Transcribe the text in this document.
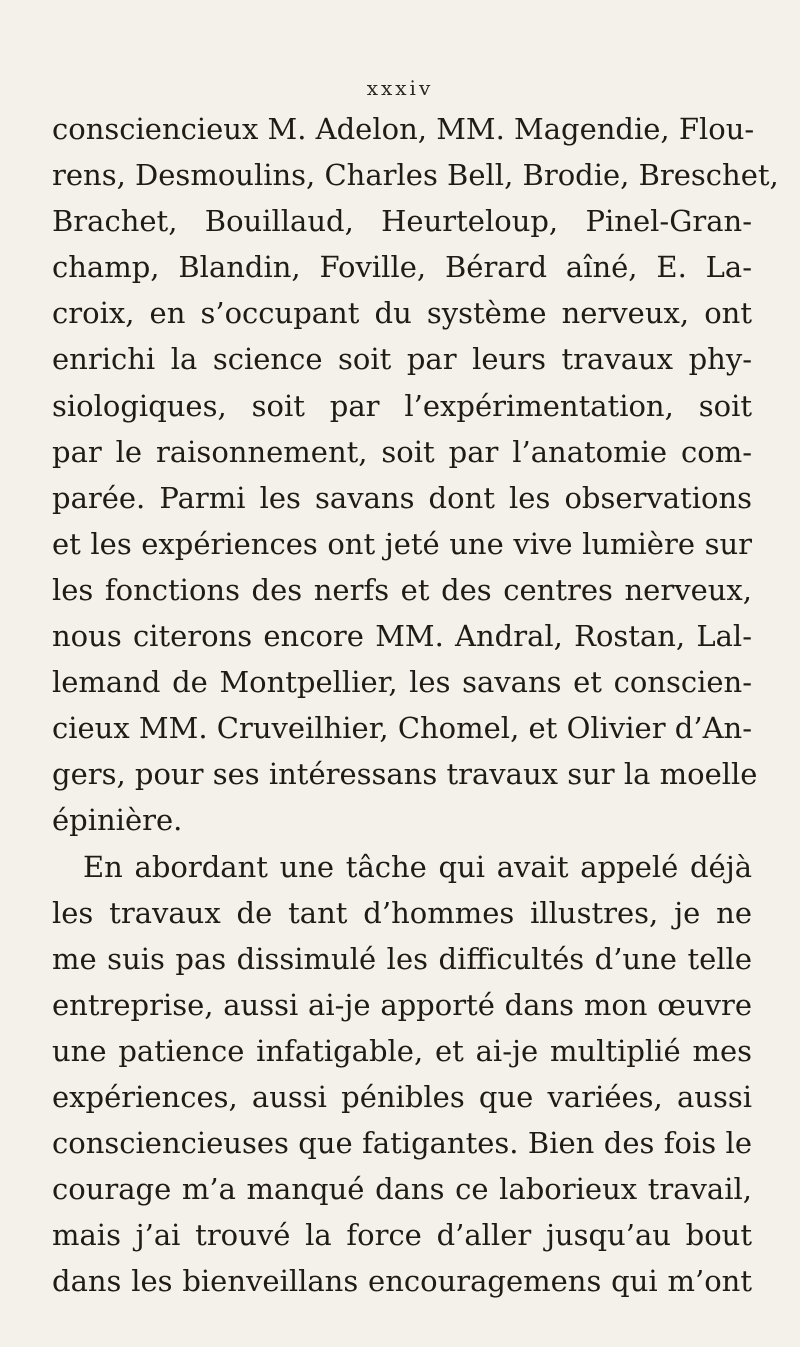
xxxiv
consciencieux M. Adelon, MM. Magendie, Flou-
rens, Desmoulins, Charles Bell, Brodie, Breschet,
Brachet, Bouillaud, Heurteloup, Pinel-Gran-
champ, Blandin, Foville, Bérard aîné, E. La-
croix, en s’occupant du système nerveux, ont
enrichi la science soit par leurs travaux phy-
siologiques, soit par l’expérimentation, soit
par le raisonnement, soit par l’anatomie com-
parée. Parmi les savans dont les observations
et les expériences ont jeté une vive lumière sur
les fonctions des nerfs et des centres nerveux,
nous citerons encore MM. Andral, Rostan, Lal-
lemand de Montpellier, les savans et conscien-
cieux MM. Cruveilhier, Chomel, et Olivier d’An-
gers, pour ses intéressans travaux sur la moelle
épinière.
En abordant une tâche qui avait appelé déjà
les travaux de tant d’hommes illustres, je ne
me suis pas dissimulé les difficultés d’une telle
entreprise, aussi ai-je apporté dans mon œuvre
une patience infatigable, et ai-je multiplié mes
expériences, aussi pénibles que variées, aussi
consciencieuses que fatigantes. Bien des fois le
courage m’a manqué dans ce laborieux travail,
mais j’ai trouvé la force d’aller jusqu’au bout
dans les bienveillans encouragemens qui m’ont
